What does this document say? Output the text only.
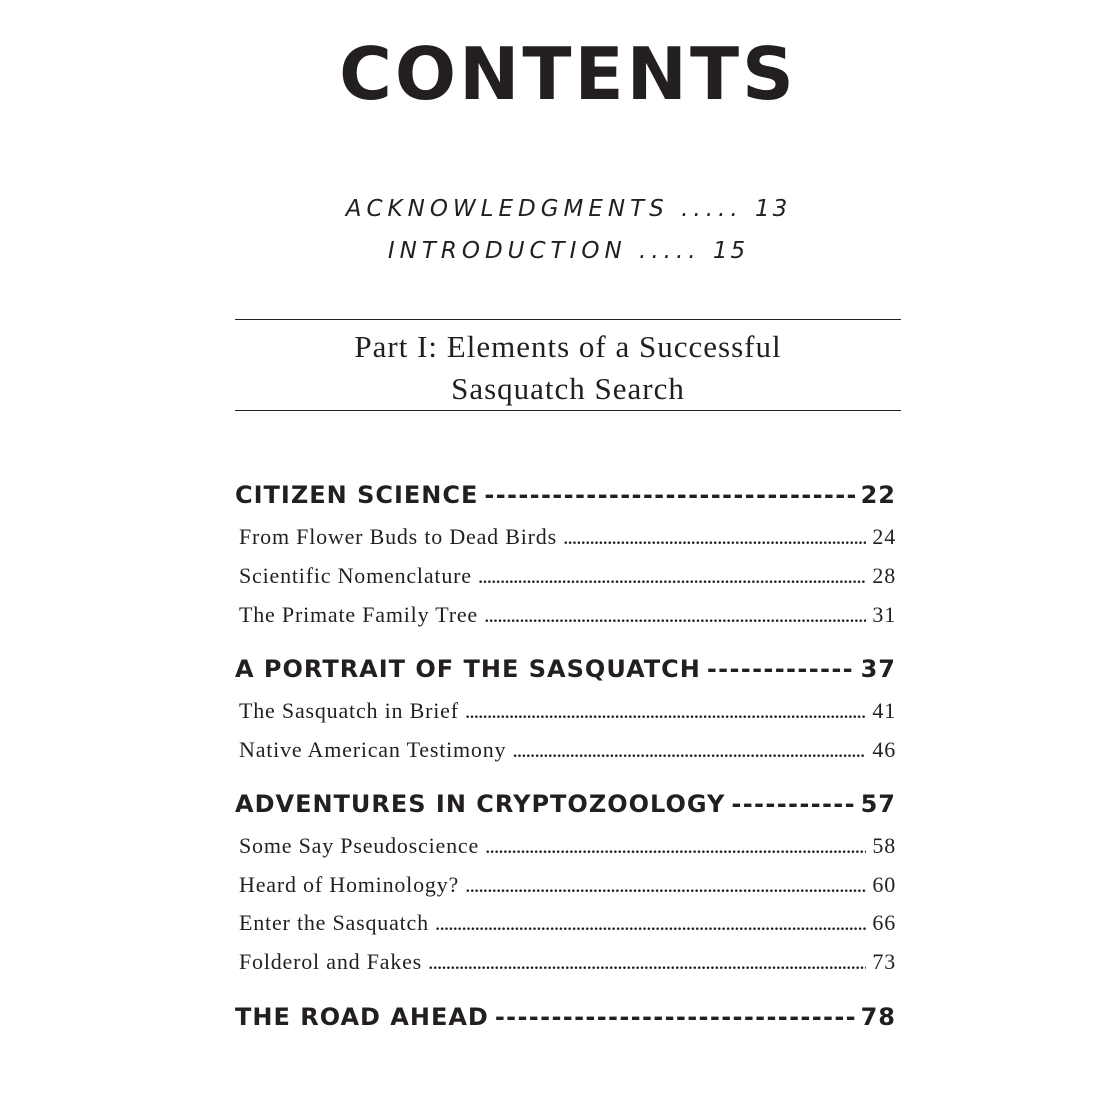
CONTENTS
ACKNOWLEDGMENTS ..... 13
INTRODUCTION ..... 15
Part I: Elements of a Successful
Sasquatch Search
CITIZEN SCIENCE - - -	22
From Flower Buds to Dead Birds . . .	24
Scientific Nomenclature . . .	28
The Primate Family Tree . . .	31
A PORTRAIT OF THE SASQUATCH - - -	37
The Sasquatch in Brief . . .	41
Native American Testimony . . .	46
ADVENTURES IN CRYPTOZOOLOGY - - -	57
Some Say Pseudoscience . . .	58
Heard of Hominology? . . .	60
Enter the Sasquatch . . .	66
Folderol and Fakes . . .	73
THE ROAD AHEAD - - -	78
